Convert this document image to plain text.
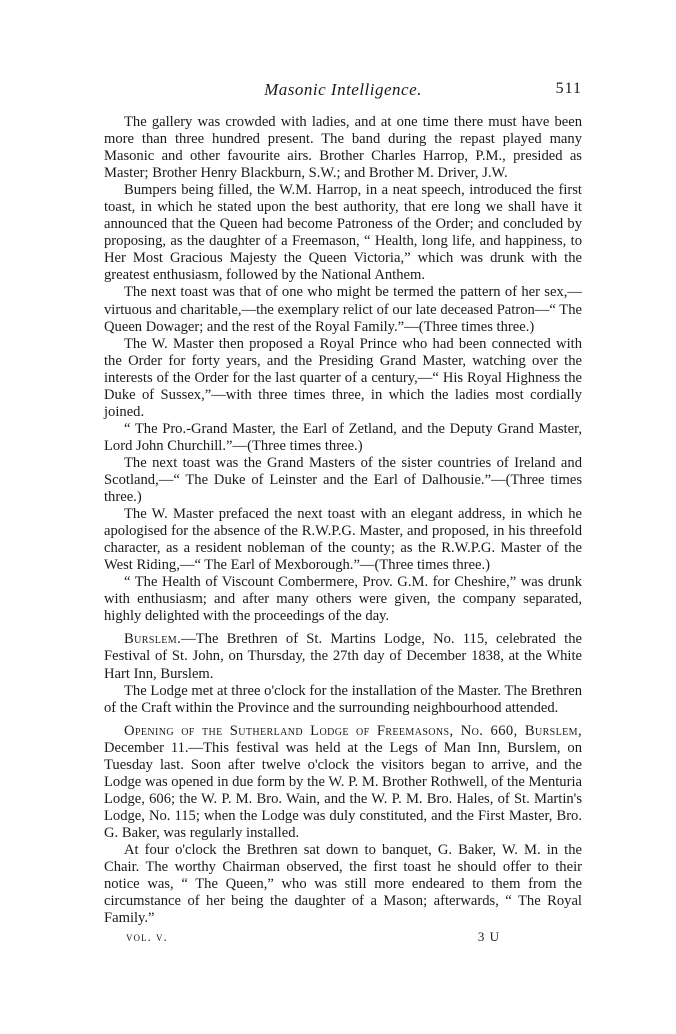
Masonic Intelligence.	511

The gallery was crowded with ladies, and at one time there must have been more than three hundred present. The band during the repast played many Masonic and other favourite airs. Brother Charles Harrop, P.M., presided as Master; Brother Henry Blackburn, S.W.; and Brother M. Driver, J.W.

Bumpers being filled, the W.M. Harrop, in a neat speech, introduced the first toast, in which he stated upon the best authority, that ere long we shall have it announced that the Queen had become Patroness of the Order; and concluded by proposing, as the daughter of a Freemason, “ Health, long life, and happiness, to Her Most Gracious Majesty the Queen Victoria,” which was drunk with the greatest enthusiasm, followed by the National Anthem.

The next toast was that of one who might be termed the pattern of her sex,—virtuous and charitable,—the exemplary relict of our late deceased Patron—“ The Queen Dowager; and the rest of the Royal Family.”—(Three times three.)

The W. Master then proposed a Royal Prince who had been connected with the Order for forty years, and the Presiding Grand Master, watching over the interests of the Order for the last quarter of a century,—“ His Royal Highness the Duke of Sussex,”—with three times three, in which the ladies most cordially joined.

“ The Pro.-Grand Master, the Earl of Zetland, and the Deputy Grand Master, Lord John Churchill.”—(Three times three.)

The next toast was the Grand Masters of the sister countries of Ireland and Scotland,—“ The Duke of Leinster and the Earl of Dalhousie.”—(Three times three.)

The W. Master prefaced the next toast with an elegant address, in which he apologised for the absence of the R.W.P.G. Master, and proposed, in his threefold character, as a resident nobleman of the county; as the R.W.P.G. Master of the West Riding,—“ The Earl of Mexborough.”—(Three times three.)

“ The Health of Viscount Combermere, Prov. G.M. for Cheshire,” was drunk with enthusiasm; and after many others were given, the company separated, highly delighted with the proceedings of the day.

Burslem.—The Brethren of St. Martins Lodge, No. 115, celebrated the Festival of St. John, on Thursday, the 27th day of December 1838, at the White Hart Inn, Burslem.

The Lodge met at three o'clock for the installation of the Master. The Brethren of the Craft within the Province and the surrounding neighbourhood attended.

Opening of the Sutherland Lodge of Freemasons, No. 660, Burslem, December 11.—This festival was held at the Legs of Man Inn, Burslem, on Tuesday last. Soon after twelve o'clock the visitors began to arrive, and the Lodge was opened in due form by the W. P. M. Brother Rothwell, of the Menturia Lodge, 606; the W. P. M. Bro. Wain, and the W. P. M. Bro. Hales, of St. Martin's Lodge, No. 115; when the Lodge was duly constituted, and the First Master, Bro. G. Baker, was regularly installed.

At four o'clock the Brethren sat down to banquet, G. Baker, W. M. in the Chair. The worthy Chairman observed, the first toast he should offer to their notice was, “ The Queen,” who was still more endeared to them from the circumstance of her being the daughter of a Mason; afterwards, “ The Royal Family.”

vol. v.	3 U
